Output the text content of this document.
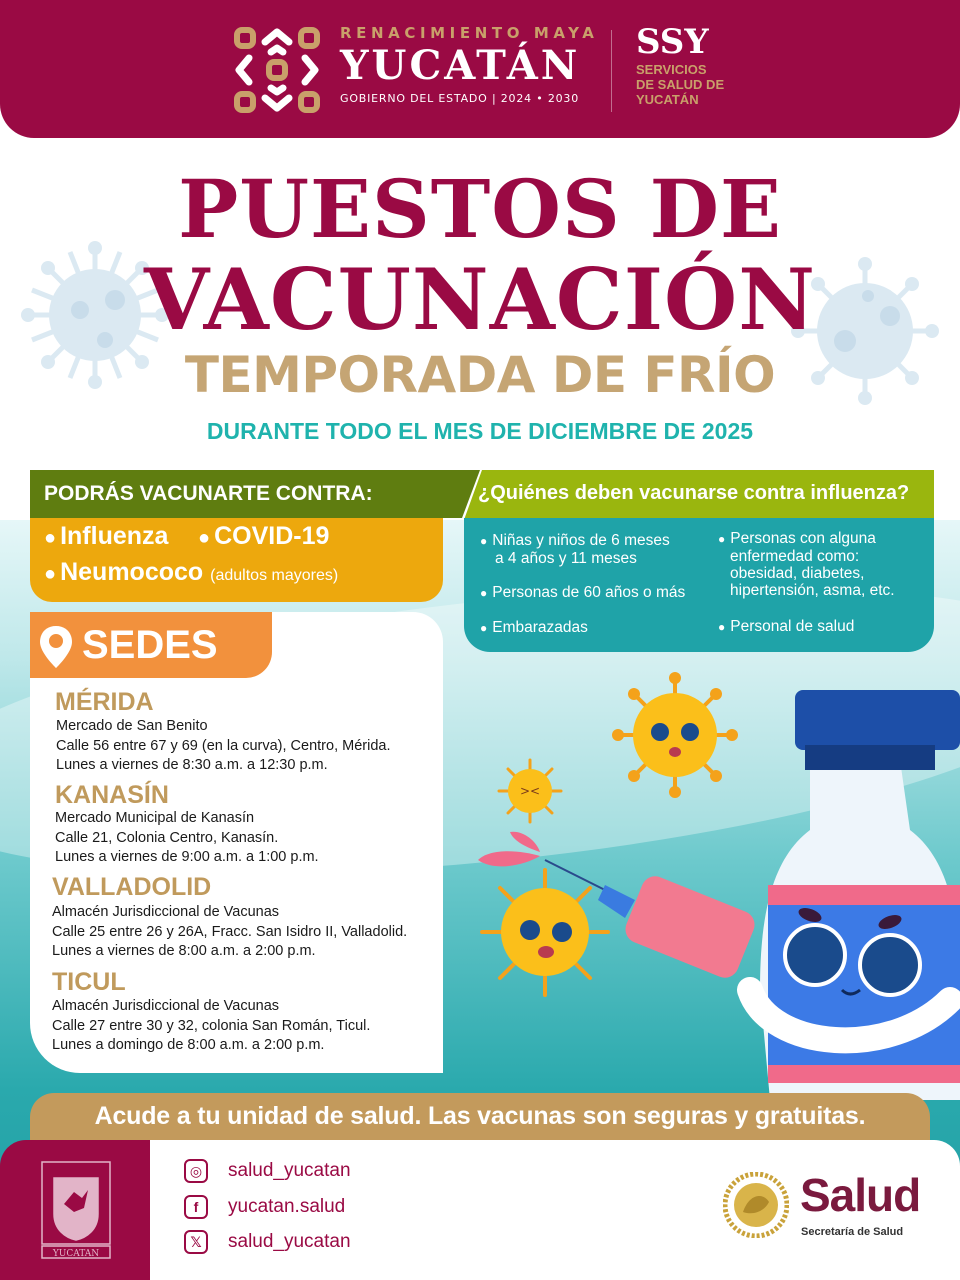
RENACIMIENTO MAYA
YUCATÁN
GOBIERNO DEL ESTADO | 2024 • 2030
SSY
SERVICIOS
DE SALUD DE
YUCATÁN
PUESTOS DE
VACUNACIÓN
TEMPORADA DE FRÍO
DURANTE TODO EL MES DE DICIEMBRE DE 2025
PODRÁS VACUNARTE CONTRA:	¿Quiénes deben vacunarse contra influenza?
● Influenza ● COVID-19
● Neumococo (adultos mayores)
● Niñas y niños de 6 meses
a 4 años y 11 meses
● Personas de 60 años o más
● Embarazadas
● Personas con alguna
enfermedad como:
obesidad, diabetes,
hipertensión, asma, etc.
● Personal de salud
SEDES
MÉRIDA
Mercado de San Benito
Calle 56 entre 67 y 69 (en la curva), Centro, Mérida.
Lunes a viernes de 8:30 a.m. a 12:30 p.m.
KANASÍN
Mercado Municipal de Kanasín
Calle 21, Colonia Centro, Kanasín.
Lunes a viernes de 9:00 a.m. a 1:00 p.m.
VALLADOLID
Almacén Jurisdiccional de Vacunas
Calle 25 entre 26 y 26A, Fracc. San Isidro II, Valladolid.
Lunes a viernes de 8:00 a.m. a 2:00 p.m.
TICUL
Almacén Jurisdiccional de Vacunas
Calle 27 entre 30 y 32, colonia San Román, Ticul.
Lunes a domingo de 8:00 a.m. a 2:00 p.m.
><
Acude a tu unidad de salud. Las vacunas son seguras y gratuitas.
YUCATAN
◎	salud_yucatan
f	yucatan.salud
𝕏	salud_yucatan
Salud
Secretaría de Salud
